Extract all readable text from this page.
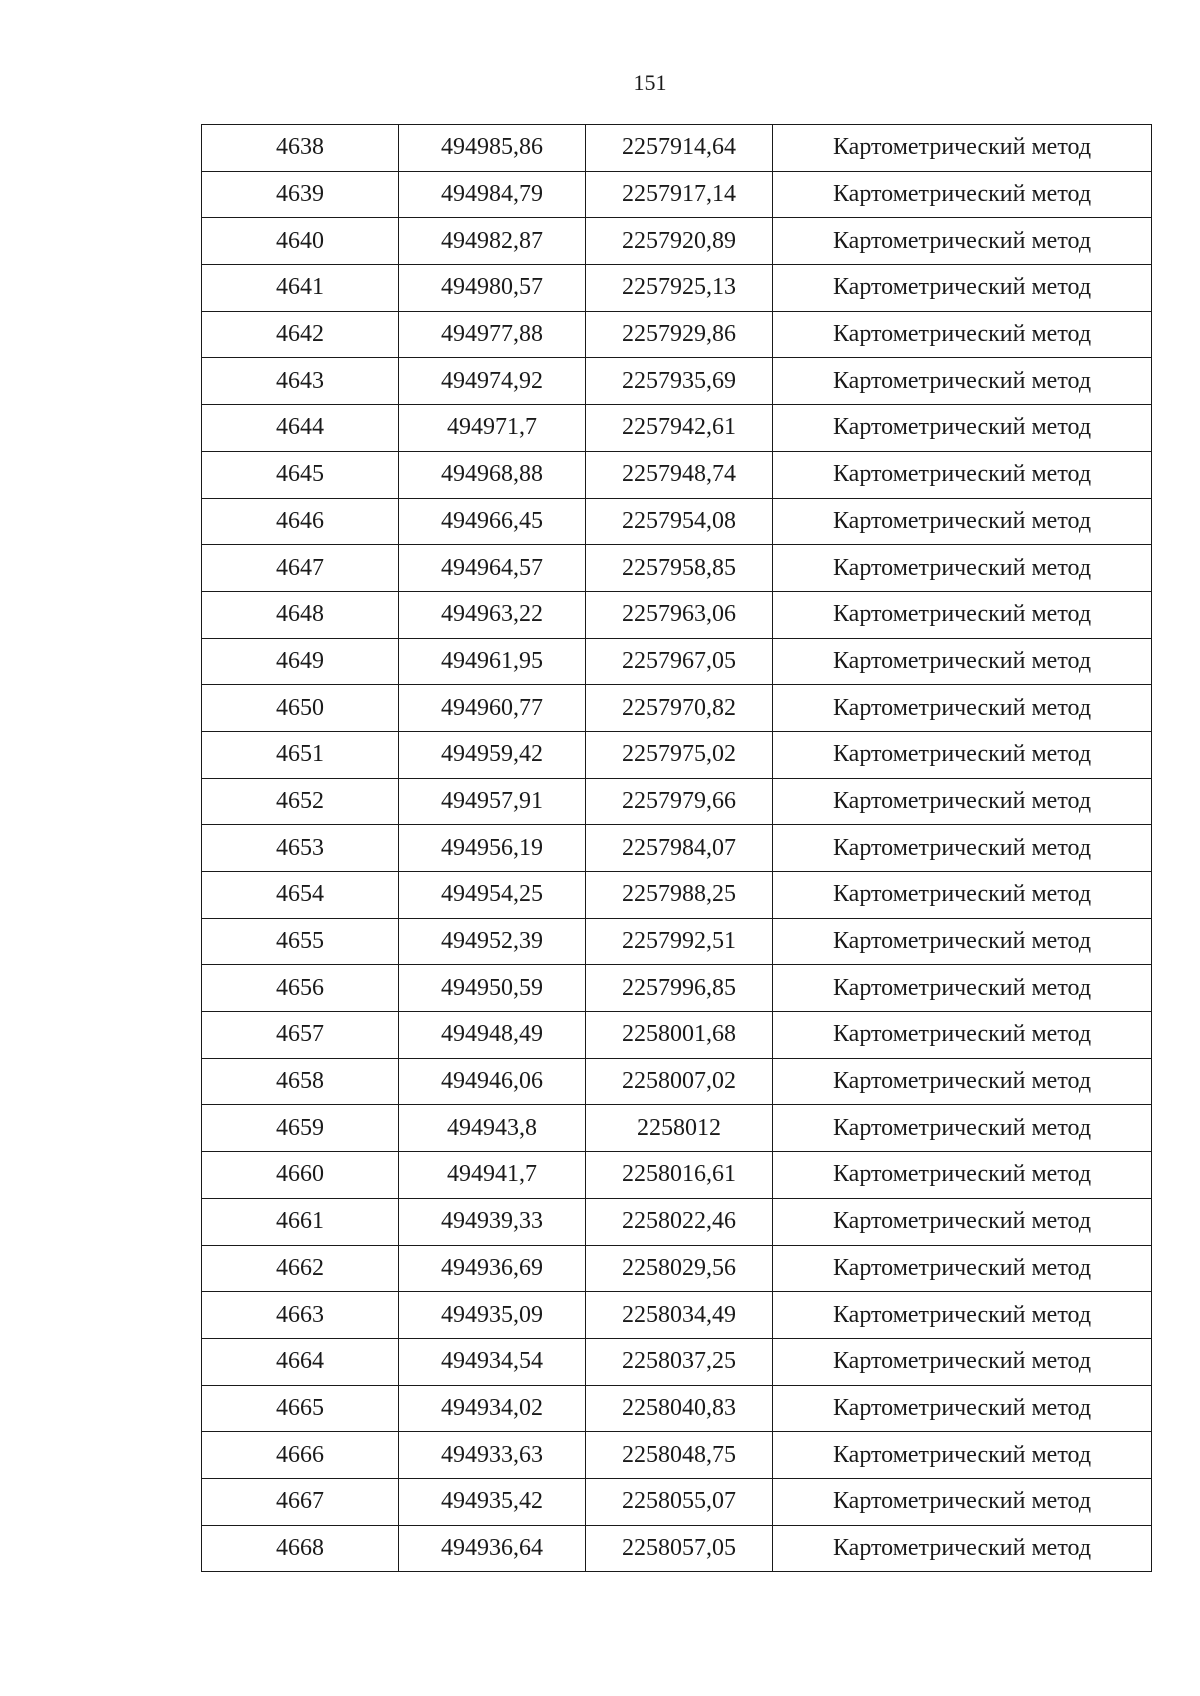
151
4638	494985,86	2257914,64	Картометрический метод
4639	494984,79	2257917,14	Картометрический метод
4640	494982,87	2257920,89	Картометрический метод
4641	494980,57	2257925,13	Картометрический метод
4642	494977,88	2257929,86	Картометрический метод
4643	494974,92	2257935,69	Картометрический метод
4644	494971,7	2257942,61	Картометрический метод
4645	494968,88	2257948,74	Картометрический метод
4646	494966,45	2257954,08	Картометрический метод
4647	494964,57	2257958,85	Картометрический метод
4648	494963,22	2257963,06	Картометрический метод
4649	494961,95	2257967,05	Картометрический метод
4650	494960,77	2257970,82	Картометрический метод
4651	494959,42	2257975,02	Картометрический метод
4652	494957,91	2257979,66	Картометрический метод
4653	494956,19	2257984,07	Картометрический метод
4654	494954,25	2257988,25	Картометрический метод
4655	494952,39	2257992,51	Картометрический метод
4656	494950,59	2257996,85	Картометрический метод
4657	494948,49	2258001,68	Картометрический метод
4658	494946,06	2258007,02	Картометрический метод
4659	494943,8	2258012	Картометрический метод
4660	494941,7	2258016,61	Картометрический метод
4661	494939,33	2258022,46	Картометрический метод
4662	494936,69	2258029,56	Картометрический метод
4663	494935,09	2258034,49	Картометрический метод
4664	494934,54	2258037,25	Картометрический метод
4665	494934,02	2258040,83	Картометрический метод
4666	494933,63	2258048,75	Картометрический метод
4667	494935,42	2258055,07	Картометрический метод
4668	494936,64	2258057,05	Картометрический метод
